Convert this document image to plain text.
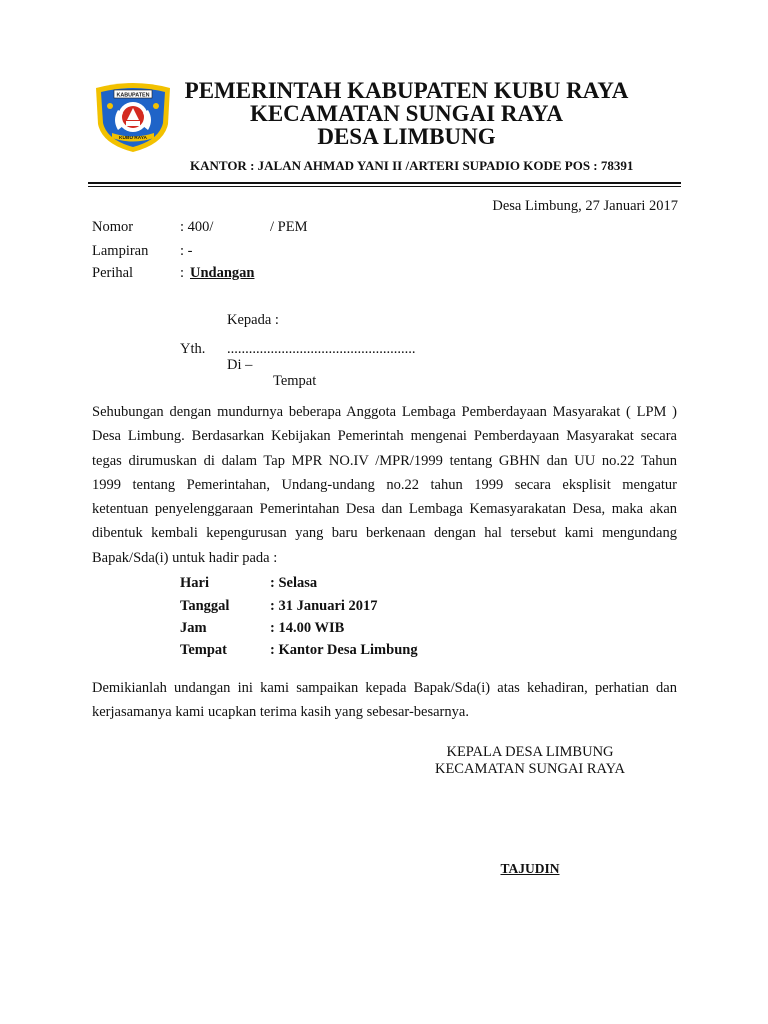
KABUPATEN
KUBU RAYA
PEMERINTAH KABUPATEN KUBU RAYA
KECAMATAN SUNGAI RAYA
DESA LIMBUNG
KANTOR : JALAN AHMAD YANI II /ARTERI SUPADIO KODE POS : 78391
Desa Limbung, 27 Januari 2017
Nomor	: 400/	/ PEM
Lampiran : -
Perihal	: Undangan
Kepada :
Yth. ....................................................
Di –
Tempat
Sehubungan dengan mundurnya beberapa Anggota Lembaga Pemberdayaan Masyarakat ( LPM )
Desa Limbung. Berdasarkan Kebijakan Pemerintah mengenai Pemberdayaan Masyarakat secara
tegas dirumuskan di dalam Tap MPR NO.IV /MPR/1999 tentang GBHN dan UU no.22 Tahun
1999 tentang Pemerintahan, Undang-undang no.22 tahun 1999 secara eksplisit mengatur
ketentuan penyelenggaraan Pemerintahan Desa dan Lembaga Kemasyarakatan Desa, maka akan
dibentuk kembali kepengurusan yang baru berkenaan dengan hal tersebut kami mengundang
Bapak/Sda(i) untuk hadir pada :
Hari	: Selasa
Tanggal	: 31 Januari 2017
Jam	: 14.00 WIB
Tempat	: Kantor Desa Limbung
Demikianlah undangan ini kami sampaikan kepada Bapak/Sda(i) atas kehadiran, perhatian dan
kerjasamanya kami ucapkan terima kasih yang sebesar-besarnya.
KEPALA DESA LIMBUNG
KECAMATAN SUNGAI RAYA
TAJUDIN
